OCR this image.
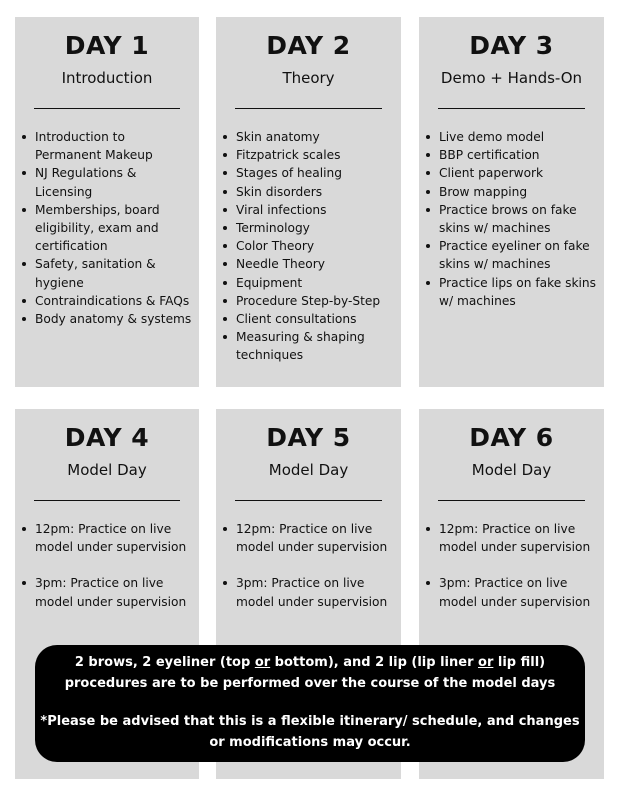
DAY 1
Introduction
Introduction to Permanent Makeup
NJ Regulations & Licensing
Memberships, board eligibility, exam and certification
Safety, sanitation & hygiene
Contraindications & FAQs
Body anatomy & systems
DAY 2
Theory
Skin anatomy
Fitzpatrick scales
Stages of healing
Skin disorders
Viral infections
Terminology
Color Theory
Needle Theory
Equipment
Procedure Step-by-Step
Client consultations
Measuring & shaping techniques
DAY 3
Demo + Hands-On
Live demo model
BBP certification
Client paperwork
Brow mapping
Practice brows on fake skins w/ machines
Practice eyeliner on fake skins w/ machines
Practice lips on fake skins w/ machines
DAY 4
Model Day
12pm: Practice on live model under supervision
3pm: Practice on live model under supervision
DAY 5
Model Day
12pm: Practice on live model under supervision
3pm: Practice on live model under supervision
DAY 6
Model Day
12pm: Practice on live model under supervision
3pm: Practice on live model under supervision

2 brows, 2 eyeliner (top or bottom), and 2 lip (lip liner or lip fill)
procedures are to be performed over the course of the model days

*Please be advised that this is a flexible itinerary/ schedule, and changes or modifications may occur.
